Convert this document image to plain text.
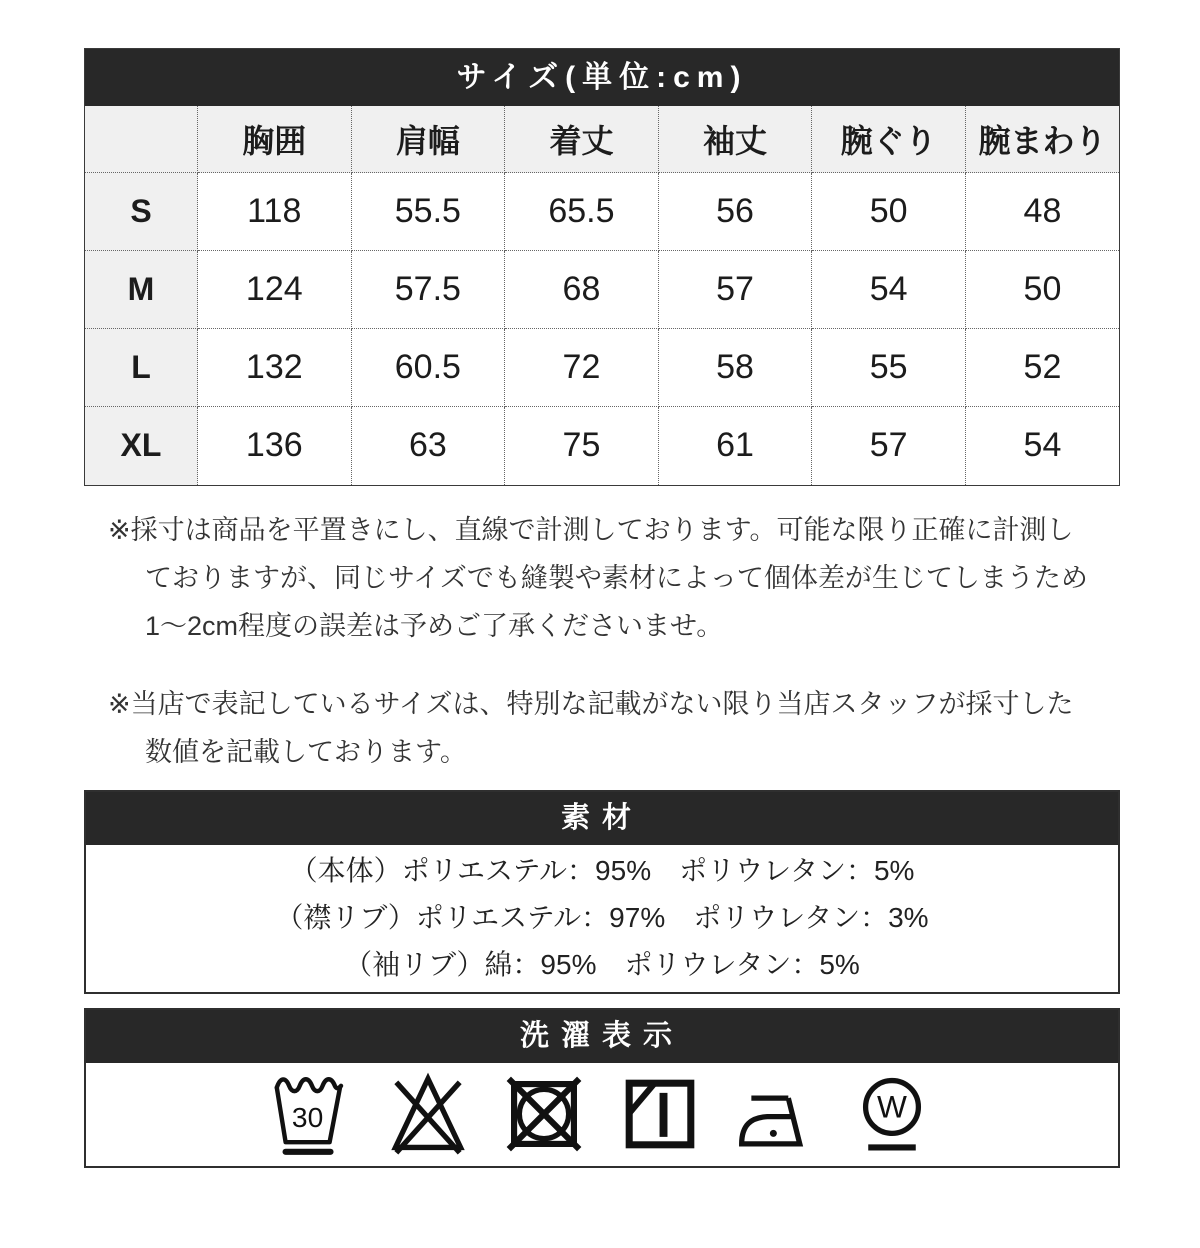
サイズ(単位:cm)
	胸囲	肩幅	着丈	袖丈	腕ぐり	腕まわり
S	118	55.5	65.5	56	50	48
M	124	57.5	68	57	54	50
L	132	60.5	72	58	55	52
XL	136	63	75	61	57	54
※採寸は商品を平置きにし、直線で計測しております。可能な限り正確に計測し
ておりますが、同じサイズでも縫製や素材によって個体差が生じてしまうため
1〜2cm程度の誤差は予めご了承くださいませ。
※当店で表記しているサイズは、特別な記載がない限り当店スタッフが採寸した
数値を記載しております。
素材
（本体）ポリエステル：95%　ポリウレタン：5%
（襟リブ）ポリエステル：97%　ポリウレタン：3%
（袖リブ）綿：95%　ポリウレタン：5%
洗濯表示
30	W
